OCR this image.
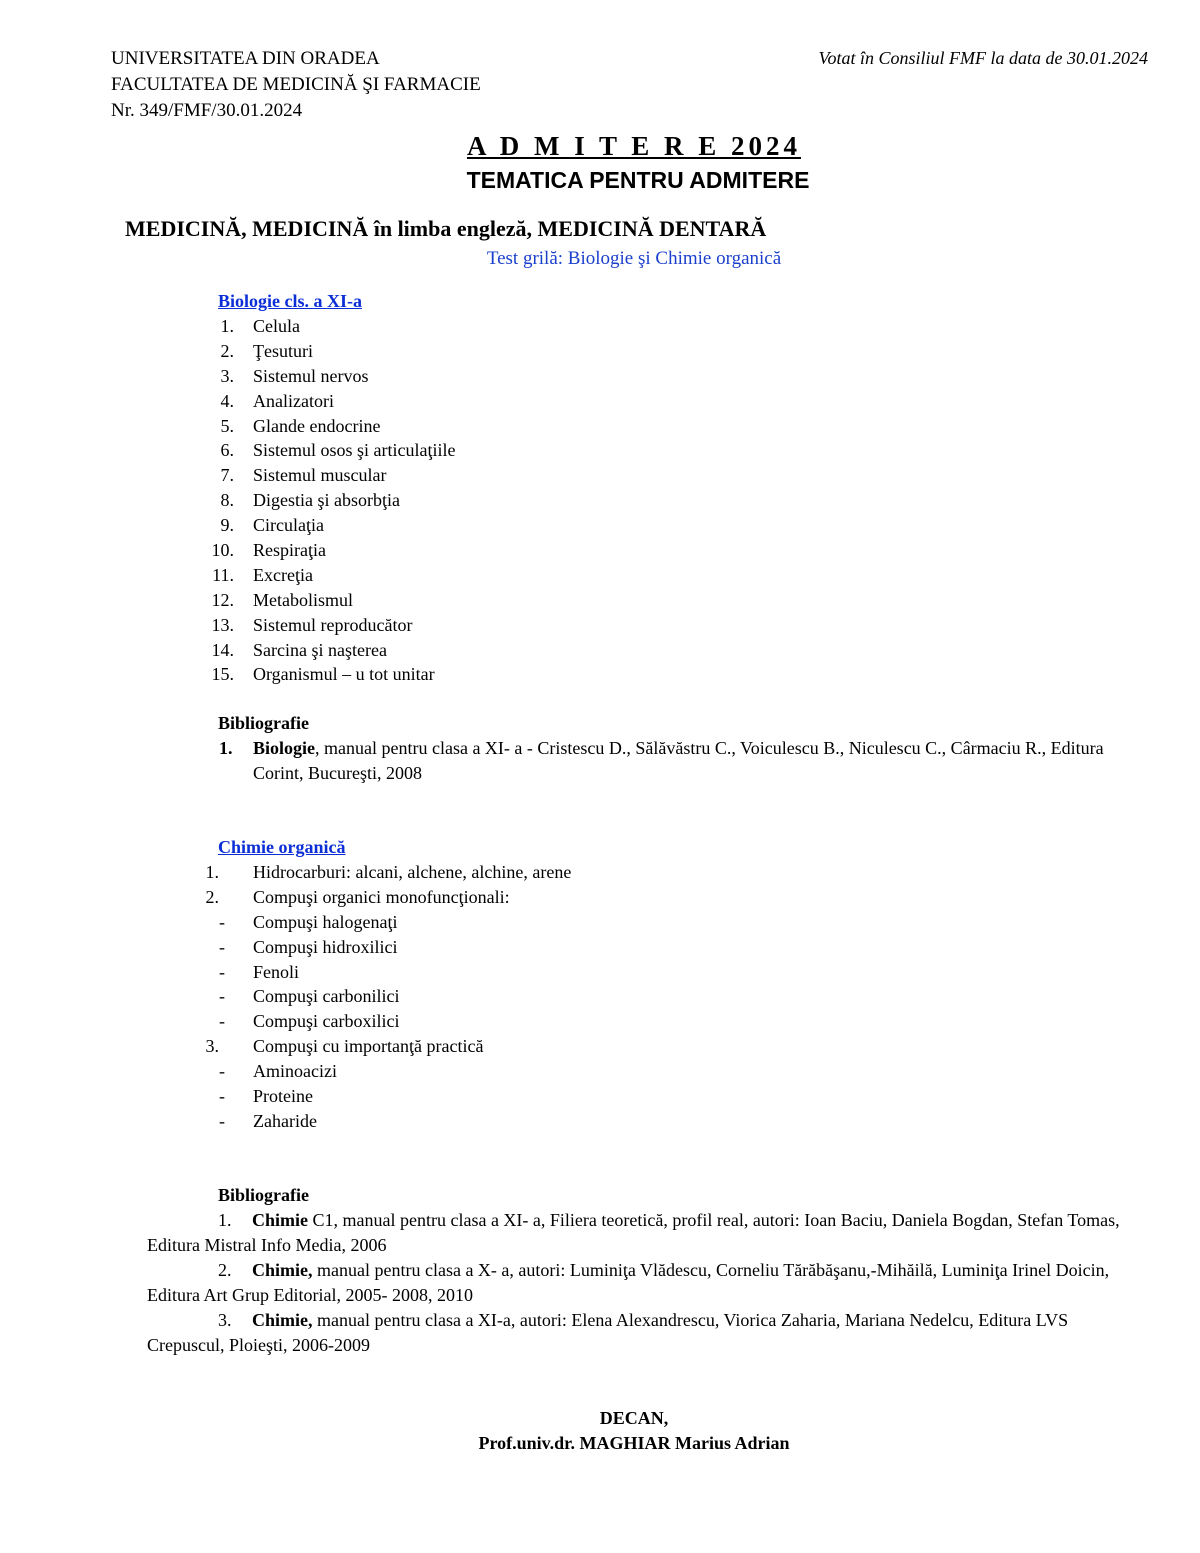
UNIVERSITATEA DIN ORADEA
FACULTATEA DE MEDICINĂ ŞI FARMACIE
Nr. 349/FMF/30.01.2024
Votat în Consiliul FMF la data de 30.01.2024
A D M I T E R E 2024
TEMATICA PENTRU ADMITERE
MEDICINĂ, MEDICINĂ în limba engleză, MEDICINĂ DENTARĂ
Test grilă: Biologie şi Chimie organică
Biologie cls. a XI-a
1. Celula
2. Ţesuturi
3. Sistemul nervos
4. Analizatori
5. Glande endocrine
6. Sistemul osos şi articulaţiile
7. Sistemul muscular
8. Digestia şi absorbţia
9. Circulaţia
10. Respiraţia
11. Excreţia
12. Metabolismul
13. Sistemul reproducător
14. Sarcina şi naşterea
15. Organismul – u tot unitar
Bibliografie
1. Biologie, manual pentru clasa a XI- a - Cristescu D., Sălăvăstru C., Voiculescu B., Niculescu C., Cârmaciu R., Editura Corint, Bucureşti, 2008
Chimie organică
1. Hidrocarburi: alcani, alchene, alchine, arene
2. Compuşi organici monofuncţionali:
- Compuşi halogenaţi
- Compuşi hidroxilici
- Fenoli
- Compuşi carbonilici
- Compuşi carboxilici
3. Compuşi cu importanţă practică
- Aminoacizi
- Proteine
- Zaharide
Bibliografie
1. Chimie C1, manual pentru clasa a XI- a, Filiera teoretică, profil real, autori: Ioan Baciu, Daniela Bogdan, Stefan Tomas, Editura Mistral Info Media, 2006
2. Chimie, manual pentru clasa a X- a, autori: Luminiţa Vlădescu, Corneliu Tărăbăşanu,-Mihăilă, Luminiţa Irinel Doicin, Editura Art Grup Editorial, 2005- 2008, 2010
3. Chimie, manual pentru clasa a XI-a, autori: Elena Alexandrescu, Viorica Zaharia, Mariana Nedelcu, Editura LVS Crepuscul, Ploieşti, 2006-2009
DECAN,
Prof.univ.dr. MAGHIAR Marius Adrian
